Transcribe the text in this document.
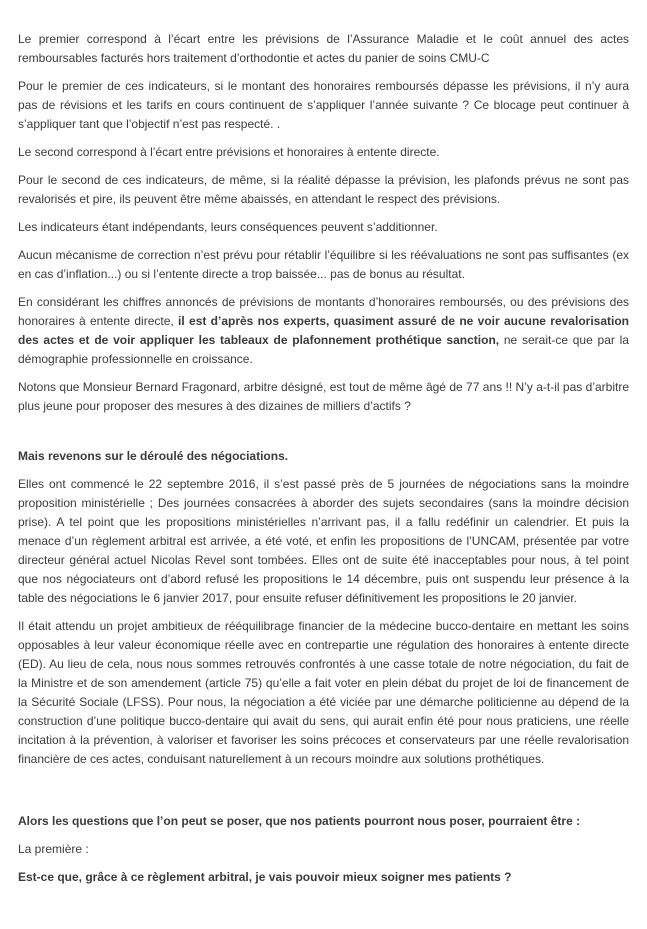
Le premier correspond à l’écart entre les prévisions de l’Assurance Maladie et le coût annuel des actes remboursables facturés hors traitement d’orthodontie et actes du panier de soins CMU-C

Pour le premier de ces indicateurs, si le montant des honoraires remboursés dépasse les prévisions, il n’y aura pas de révisions et les tarifs en cours continuent de s’appliquer l’année suivante ? Ce blocage peut continuer à s’appliquer tant que l’objectif n’est pas respecté. .

Le second correspond à l’écart entre prévisions et honoraires à entente directe.

Pour le second de ces indicateurs, de même, si la réalité dépasse la prévision, les plafonds prévus ne sont pas revalorisés et pire, ils peuvent être même abaissés, en attendant le respect des prévisions.

Les indicateurs étant indépendants, leurs conséquences peuvent s’additionner.

Aucun mécanisme de correction n’est prévu pour rétablir l’équilibre si les réévaluations ne sont pas suffisantes (ex en cas d’inflation...) ou si l’entente directe a trop baissée... pas de bonus au résultat.

En considérant les chiffres annoncés de prévisions de montants d’honoraires remboursés, ou des prévisions des honoraires à entente directe, il est d’après nos experts, quasiment assuré de ne voir aucune revalorisation des actes et de voir appliquer les tableaux de plafonnement prothétique sanction, ne serait-ce que par la démographie professionnelle en croissance.

Notons que Monsieur Bernard Fragonard, arbitre désigné, est tout de même âgé de 77 ans !! N’y a-t-il pas d’arbitre plus jeune pour proposer des mesures à des dizaines de milliers d’actifs ?

Mais revenons sur le déroulé des négociations.

Elles ont commencé le 22 septembre 2016, il s’est passé près de 5 journées de négociations sans la moindre proposition ministérielle ; Des journées consacrées à aborder des sujets secondaires (sans la moindre décision prise). A tel point que les propositions ministérielles n’arrivant pas, il a fallu redéfinir un calendrier. Et puis la menace d’un règlement arbitral est arrivée, a été voté, et enfin les propositions de l’UNCAM, présentée par votre directeur général actuel Nicolas Revel sont tombées. Elles ont de suite été inacceptables pour nous, à tel point que nos négociateurs ont d’abord refusé les propositions le 14 décembre, puis ont suspendu leur présence à la table des négociations le 6 janvier 2017, pour ensuite refuser définitivement les propositions le 20 janvier.

Il était attendu un projet ambitieux de rééquilibrage financier de la médecine bucco-dentaire en mettant les soins opposables à leur valeur économique réelle avec en contrepartie une régulation des honoraires à entente directe (ED). Au lieu de cela, nous nous sommes retrouvés confrontés à une casse totale de notre négociation, du fait de la Ministre et de son amendement (article 75) qu’elle a fait voter en plein débat du projet de loi de financement de la Sécurité Sociale (LFSS). Pour nous, la négociation a été viciée par une démarche politicienne au dépend de la construction d’une politique bucco-dentaire qui avait du sens, qui aurait enfin été pour nous praticiens, une réelle incitation à la prévention, à valoriser et favoriser les soins précoces et conservateurs par une réelle revalorisation financière de ces actes, conduisant naturellement à un recours moindre aux solutions prothétiques.

Alors les questions que l’on peut se poser, que nos patients pourront nous poser, pourraient être :

La première :

Est-ce que, grâce à ce règlement arbitral, je vais pouvoir mieux soigner mes patients ?
